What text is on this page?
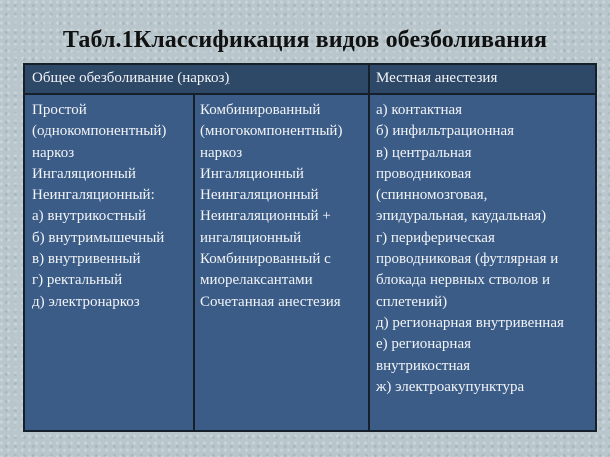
Табл.1Классификация видов обезболивания
Общее обезболивание (наркоз)	Местная анестезия
Простой
(однокомпонентный)
наркоз
Ингаляционный
Неингаляционный:
а) внутрикостный
б) внутримышечный
в) внутривенный
г) ректальный
д) электронаркоз
Комбинированный
(многокомпонентный)
наркоз
Ингаляционный
Неингаляционный
Неингаляционный +
ингаляционный
Комбинированный с
миорелаксантами
Сочетанная анестезия
а) контактная
б) инфильтрационная
в) центральная
проводниковая
(спинномозговая,
эпидуральная, каудальная)
г) периферическая
проводниковая (футлярная и
блокада нервных стволов и
сплетений)
д) регионарная внутривенная
е) регионарная
внутрикостная
ж) электроакупунктура
